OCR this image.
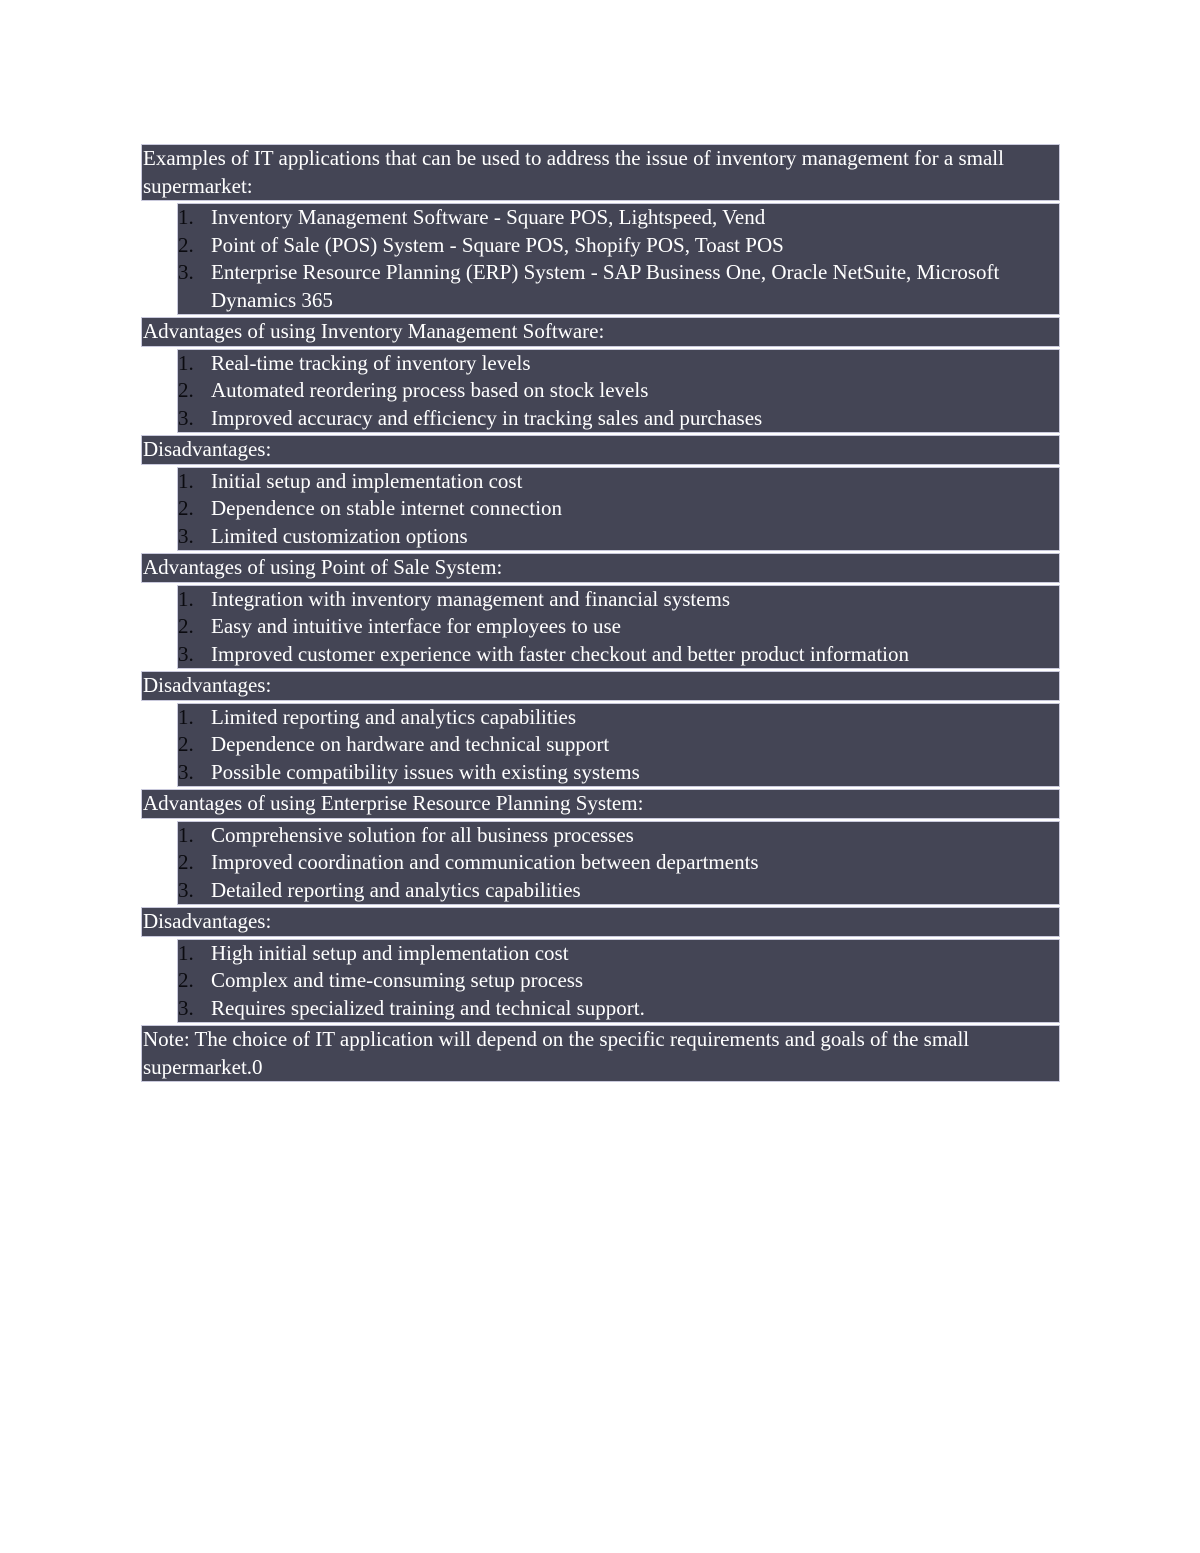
Examples of IT applications that can be used to address the issue of inventory management for a small supermarket:
1. Inventory Management Software - Square POS, Lightspeed, Vend
2. Point of Sale (POS) System - Square POS, Shopify POS, Toast POS
3. Enterprise Resource Planning (ERP) System - SAP Business One, Oracle NetSuite, Microsoft Dynamics 365
Advantages of using Inventory Management Software:
1. Real-time tracking of inventory levels
2. Automated reordering process based on stock levels
3. Improved accuracy and efficiency in tracking sales and purchases
Disadvantages:
1. Initial setup and implementation cost
2. Dependence on stable internet connection
3. Limited customization options
Advantages of using Point of Sale System:
1. Integration with inventory management and financial systems
2. Easy and intuitive interface for employees to use
3. Improved customer experience with faster checkout and better product information
Disadvantages:
1. Limited reporting and analytics capabilities
2. Dependence on hardware and technical support
3. Possible compatibility issues with existing systems
Advantages of using Enterprise Resource Planning System:
1. Comprehensive solution for all business processes
2. Improved coordination and communication between departments
3. Detailed reporting and analytics capabilities
Disadvantages:
1. High initial setup and implementation cost
2. Complex and time-consuming setup process
3. Requires specialized training and technical support.
Note: The choice of IT application will depend on the specific requirements and goals of the small supermarket.0
